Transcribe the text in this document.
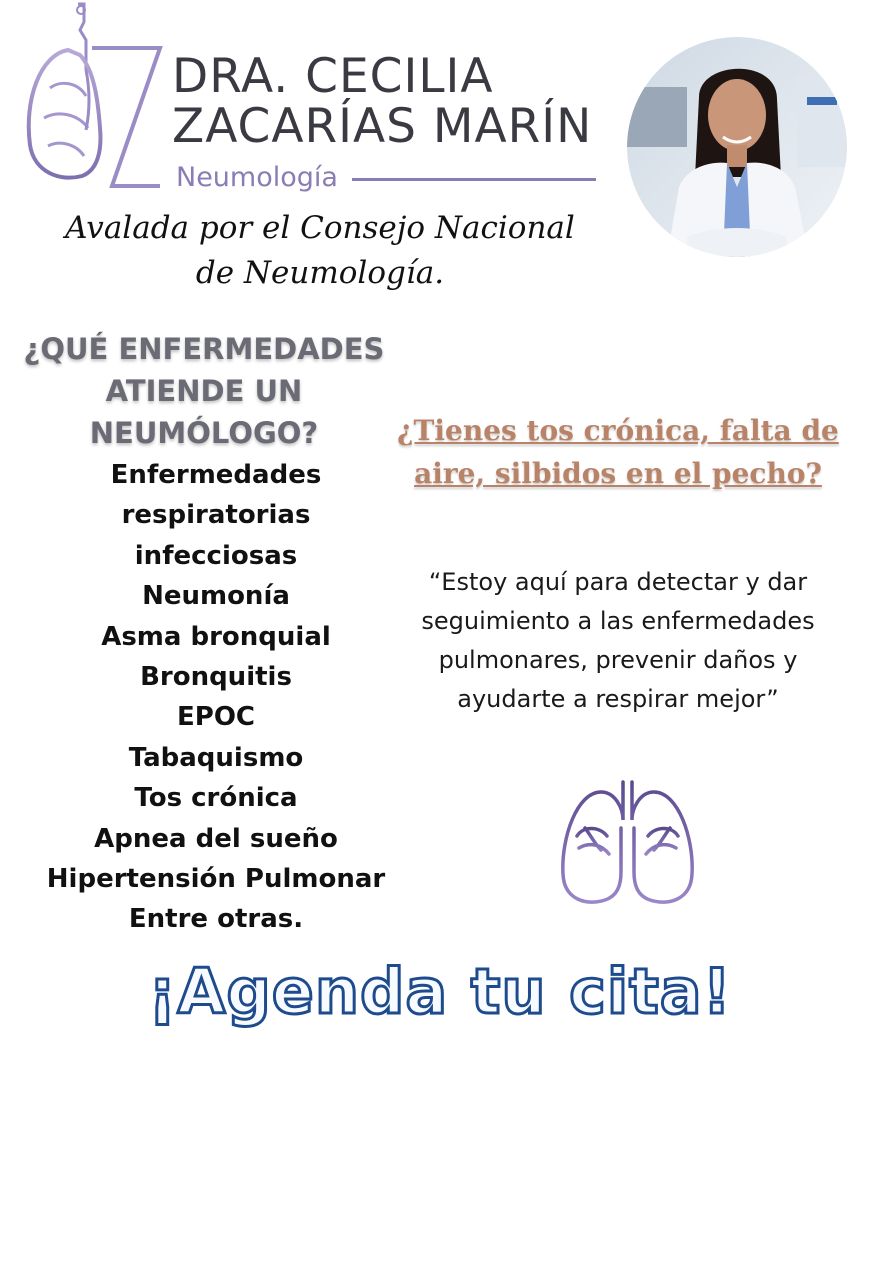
DRA. CECILIA
ZACARÍAS MARÍN
Neumología
Avalada por el Consejo Nacional de Neumología.
¿QUÉ ENFERMEDADES ATIENDE UN NEUMÓLOGO?
Enfermedades
respiratorias
infecciosas
Neumonía
Asma bronquial
Bronquitis
EPOC
Tabaquismo
Tos crónica
Apnea del sueño
Hipertensión Pulmonar
Entre otras.
¿Tienes tos crónica, falta de aire, silbidos en el pecho?
“Estoy aquí para detectar y dar seguimiento a las enfermedades pulmonares, prevenir daños y ayudarte a respirar mejor”
¡Agenda tu cita!
